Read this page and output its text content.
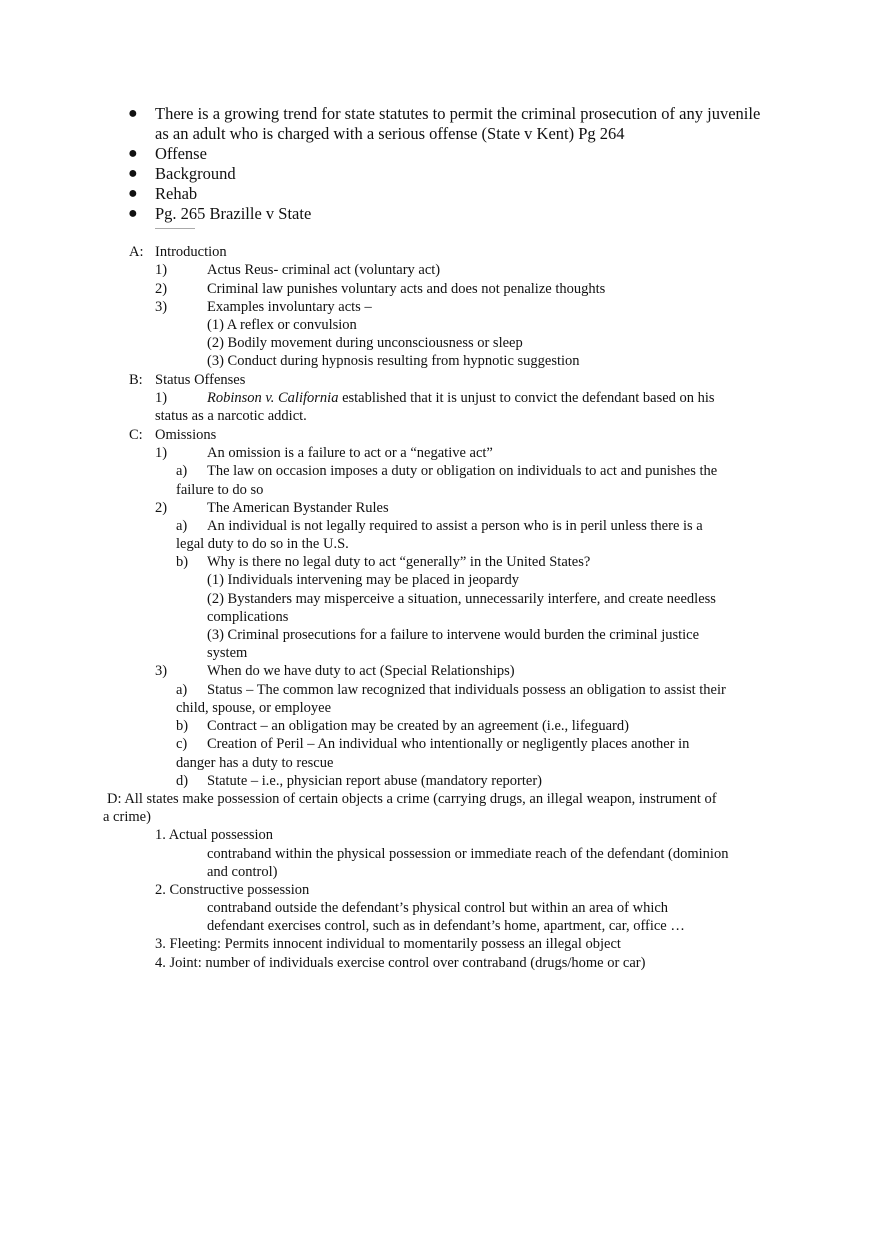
● There is a growing trend for state statutes to permit the criminal prosecution of any juvenile as an adult who is charged with a serious offense (State v Kent) Pg 264
● Offense
● Background
● Rehab
● Pg. 265 Brazille v State
A: Introduction
1)	Actus Reus- criminal act (voluntary act)
2)	Criminal law punishes voluntary acts and does not penalize thoughts
3)	Examples involuntary acts –
(1) A reflex or convulsion
(2) Bodily movement during unconsciousness or sleep
(3) Conduct during hypnosis resulting from hypnotic suggestion
B: Status Offenses
1)	Robinson v. California established that it is unjust to convict the defendant based on his
status as a narcotic addict.
C: Omissions
1)	An omission is a failure to act or a “negative act”
a) The law on occasion imposes a duty or obligation on individuals to act and punishes the
failure to do so
2)	The American Bystander Rules
a) An individual is not legally required to assist a person who is in peril unless there is a
legal duty to do so in the U.S.
b) Why is there no legal duty to act “generally” in the United States?
(1) Individuals intervening may be placed in jeopardy
(2) Bystanders may misperceive a situation, unnecessarily interfere, and create needless
complications
(3) Criminal prosecutions for a failure to intervene would burden the criminal justice
system
3)	When do we have duty to act (Special Relationships)
a) Status – The common law recognized that individuals possess an obligation to assist their
child, spouse, or employee
b) Contract – an obligation may be created by an agreement (i.e., lifeguard)
c) Creation of Peril – An individual who intentionally or negligently places another in
danger has a duty to rescue
d) Statute – i.e., physician report abuse (mandatory reporter)
D: All states make possession of certain objects a crime (carrying drugs, an illegal weapon, instrument of
a crime)
1. Actual possession
contraband within the physical possession or immediate reach of the defendant (dominion
and control)
2. Constructive possession
contraband outside the defendant’s physical control but within an area of which
defendant exercises control, such as in defendant’s home, apartment, car, office …
3. Fleeting: Permits innocent individual to momentarily possess an illegal object
4. Joint: number of individuals exercise control over contraband (drugs/home or car)
